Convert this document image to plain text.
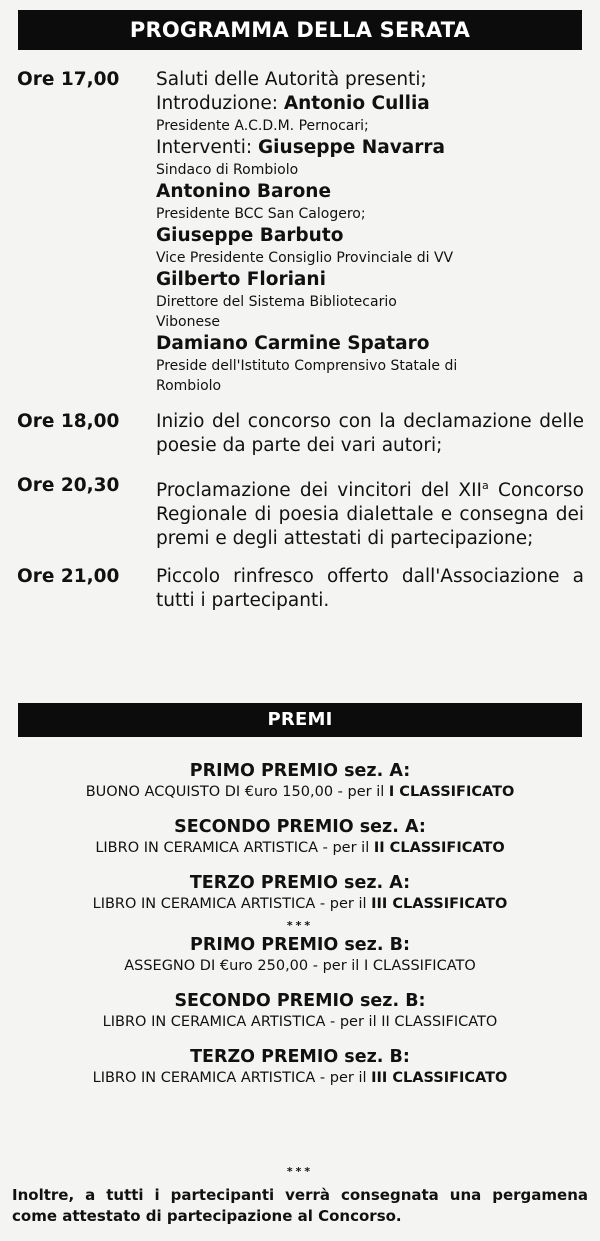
PROGRAMMA DELLA SERATA
Ore 17,00	Saluti delle Autorità presenti;
Introduzione: Antonio Cullia
Presidente A.C.D.M. Pernocari;
Interventi: Giuseppe Navarra
Sindaco di Rombiolo
Antonino Barone
Presidente BCC San Calogero;
Giuseppe Barbuto
Vice Presidente Consiglio Provinciale di VV
Gilberto Floriani
Direttore del Sistema Bibliotecario
Vibonese
Damiano Carmine Spataro
Preside dell'Istituto Comprensivo Statale di
Rombiolo
Ore 18,00	Inizio del concorso con la declamazione delle poesie da parte dei vari autori;
Ore 20,30	Proclamazione dei vincitori del XII$^a$ Concorso Regionale di poesia dialettale e consegna dei premi e degli attestati di partecipazione;
Ore 21,00	Piccolo rinfresco offerto dall'Associazione a tutti i partecipanti.
PREMI
PRIMO PREMIO sez. A:
BUONO ACQUISTO DI €uro 150,00 - per il I CLASSIFICATO
SECONDO PREMIO sez. A:
LIBRO IN CERAMICA ARTISTICA - per il II CLASSIFICATO
TERZO PREMIO sez. A:
LIBRO IN CERAMICA ARTISTICA - per il III CLASSIFICATO
***
PRIMO PREMIO sez. B:
ASSEGNO DI €uro 250,00 - per il I CLASSIFICATO
SECONDO PREMIO sez. B:
LIBRO IN CERAMICA ARTISTICA - per il II CLASSIFICATO
TERZO PREMIO sez. B:
LIBRO IN CERAMICA ARTISTICA - per il III CLASSIFICATO
***
Inoltre, a tutti i partecipanti verrà consegnata una pergamena come attestato di partecipazione al Concorso.
